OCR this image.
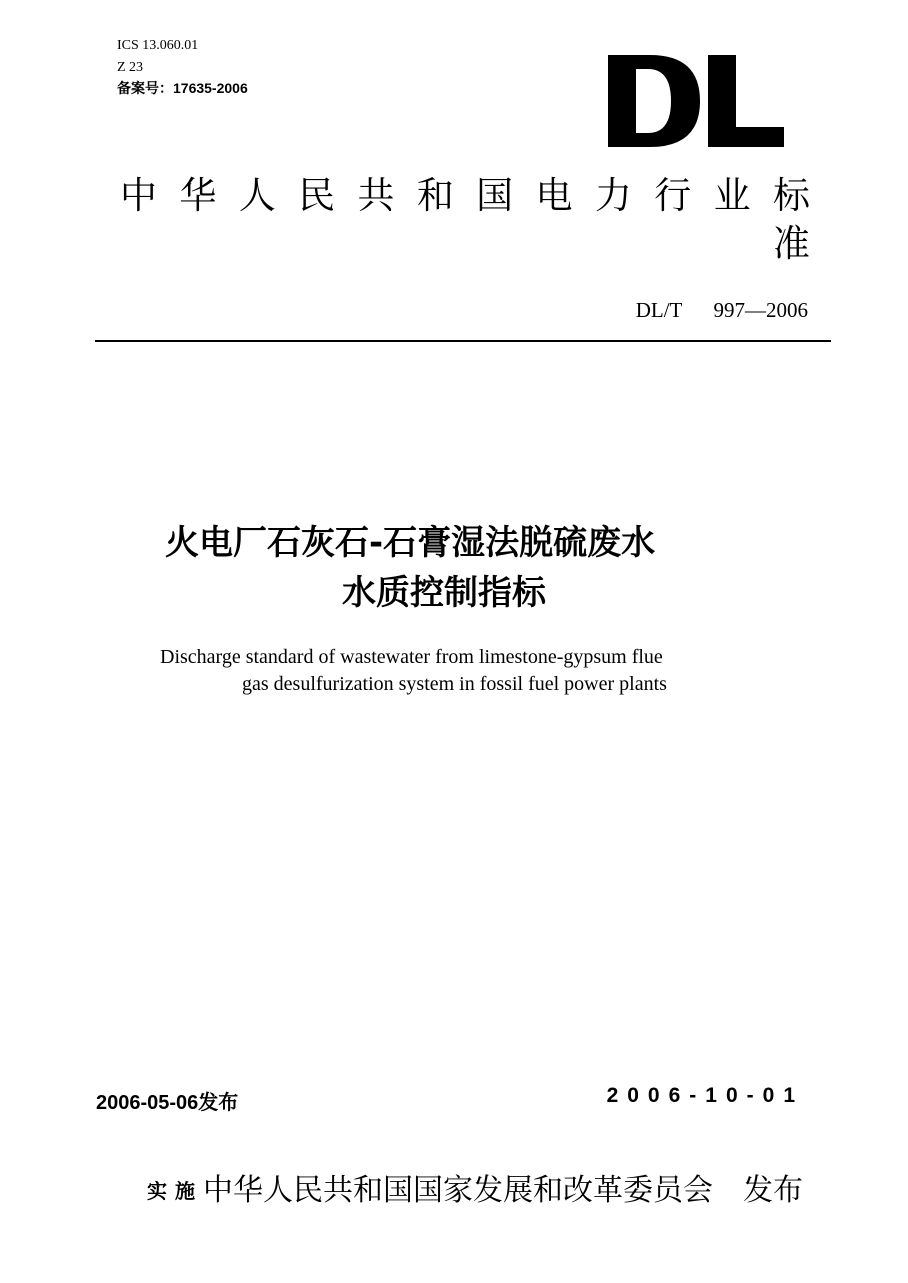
ICS 13.060.01
Z 23
备案号：17635-2006
中华人民共和国电力行业标准
DL/T      997—2006
火电厂石灰石-石膏湿法脱硫废水
水质控制指标
Discharge standard of wastewater from limestone-gypsum flue
gas desulfurization system in fossil fuel power plants
2006-05-06发布	2006-10-01
实施中华人民共和国国家发展和改革委员会 发布
